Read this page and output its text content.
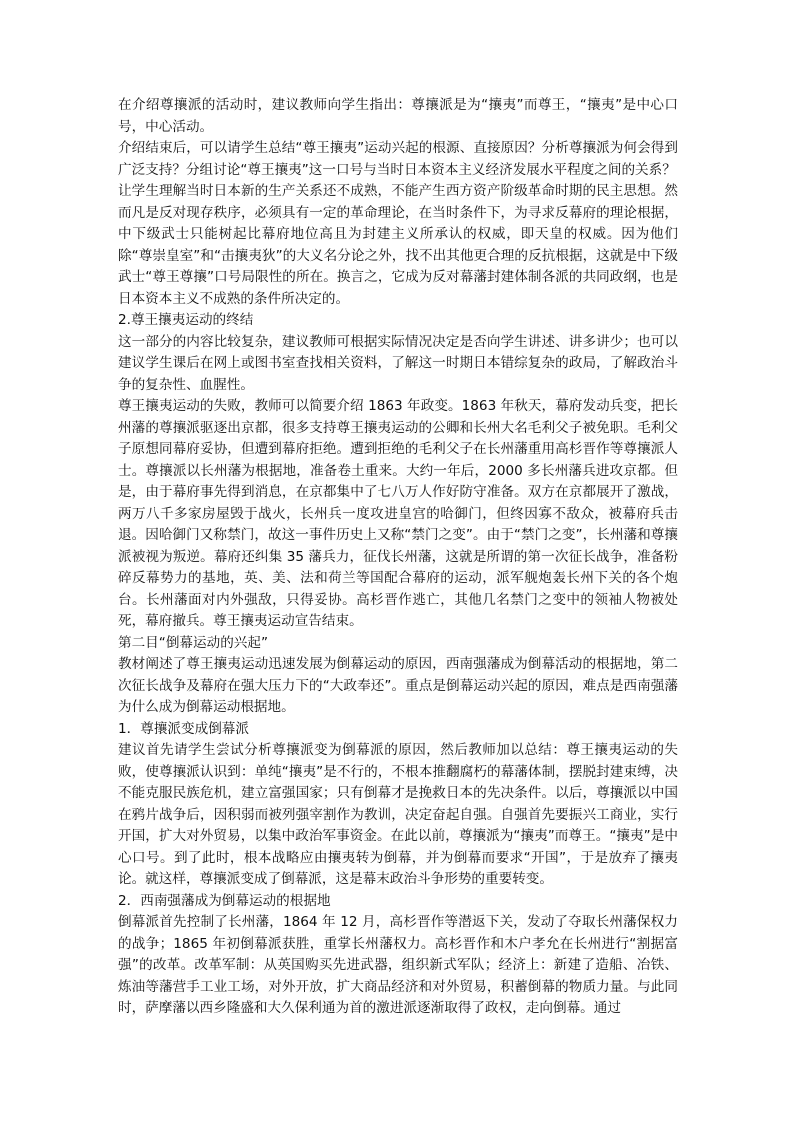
在介绍尊攘派的活动时，建议教师向学生指出：尊攘派是为“攘夷”而尊王，“攘夷”是中心口号，中心活动。

介绍结束后，可以请学生总结“尊王攘夷”运动兴起的根源、直接原因？分析尊攘派为何会得到广泛支持？分组讨论“尊王攘夷”这一口号与当时日本资本主义经济发展水平程度之间的关系？

让学生理解当时日本新的生产关系还不成熟，不能产生西方资产阶级革命时期的民主思想。然而凡是反对现存秩序，必须具有一定的革命理论，在当时条件下，为寻求反幕府的理论根据，中下级武士只能树起比幕府地位高且为封建主义所承认的权威，即天皇的权威。因为他们除“尊崇皇室”和“击攘夷狄”的大义名分论之外，找不出其他更合理的反抗根据，这就是中下级武士“尊王尊攘”口号局限性的所在。换言之，它成为反对幕藩封建体制各派的共同政纲，也是日本资本主义不成熟的条件所决定的。

2.尊王攘夷运动的终结

这一部分的内容比较复杂，建议教师可根据实际情况决定是否向学生讲述、讲多讲少；也可以建议学生课后在网上或图书室查找相关资料，了解这一时期日本错综复杂的政局，了解政治斗争的复杂性、血腥性。

尊王攘夷运动的失败，教师可以简要介绍 1863 年政变。1863 年秋天，幕府发动兵变，把长州藩的尊攘派驱逐出京都，很多支持尊王攘夷运动的公卿和长州大名毛利父子被免职。毛利父子原想同幕府妥协，但遭到幕府拒绝。遭到拒绝的毛利父子在长州藩重用高杉晋作等尊攘派人士。尊攘派以长州藩为根据地，准备卷土重来。大约一年后，2000 多长州藩兵进攻京都。但是，由于幕府事先得到消息，在京都集中了七八万人作好防守准备。双方在京都展开了激战，两万八千多家房屋毁于战火，长州兵一度攻进皇宫的哈御门，但终因寡不敌众，被幕府兵击退。因哈御门又称禁门，故这一事件历史上又称“禁门之变”。由于“禁门之变”，长州藩和尊攘派被视为叛逆。幕府还纠集 35 藩兵力，征伐长州藩，这就是所谓的第一次征长战争，准备粉碎反幕势力的基地，英、美、法和荷兰等国配合幕府的运动，派军舰炮轰长州下关的各个炮台。长州藩面对内外强敌，只得妥协。高杉晋作逃亡，其他几名禁门之变中的领袖人物被处死，幕府撤兵。尊王攘夷运动宣告结束。

第二目“倒幕运动的兴起”

教材阐述了尊王攘夷运动迅速发展为倒幕运动的原因，西南强藩成为倒幕活动的根据地，第二次征长战争及幕府在强大压力下的“大政奉还”。重点是倒幕运动兴起的原因，难点是西南强藩为什么成为倒幕运动根据地。

1．尊攘派变成倒幕派

建议首先请学生尝试分析尊攘派变为倒幕派的原因，然后教师加以总结：尊王攘夷运动的失败，使尊攘派认识到：单纯“攘夷”是不行的，不根本推翻腐朽的幕藩体制，摆脱封建束缚，决不能克服民族危机，建立富强国家；只有倒幕才是挽救日本的先决条件。以后，尊攘派以中国在鸦片战争后，因积弱而被列强宰割作为教训，决定奋起自强。自强首先要振兴工商业，实行开国，扩大对外贸易，以集中政治军事资金。在此以前，尊攘派为“攘夷”而尊王。“攘夷”是中心口号。到了此时，根本战略应由攘夷转为倒幕，并为倒幕而要求“开国”，于是放弃了攘夷论。就这样，尊攘派变成了倒幕派，这是幕末政治斗争形势的重要转变。

2．西南强藩成为倒幕运动的根据地

倒幕派首先控制了长州藩，1864 年 12 月，高杉晋作等潜返下关，发动了夺取长州藩保权力的战争；1865 年初倒幕派获胜，重掌长州藩权力。高杉晋作和木户孝允在长州进行“割据富强”的改革。改革军制：从英国购买先进武器，组织新式军队；经济上：新建了造船、冶铁、炼油等藩营手工业工场，对外开放，扩大商品经济和对外贸易，积蓄倒幕的物质力量。与此同时，萨摩藩以西乡隆盛和大久保利通为首的激进派逐渐取得了政权，走向倒幕。通过
